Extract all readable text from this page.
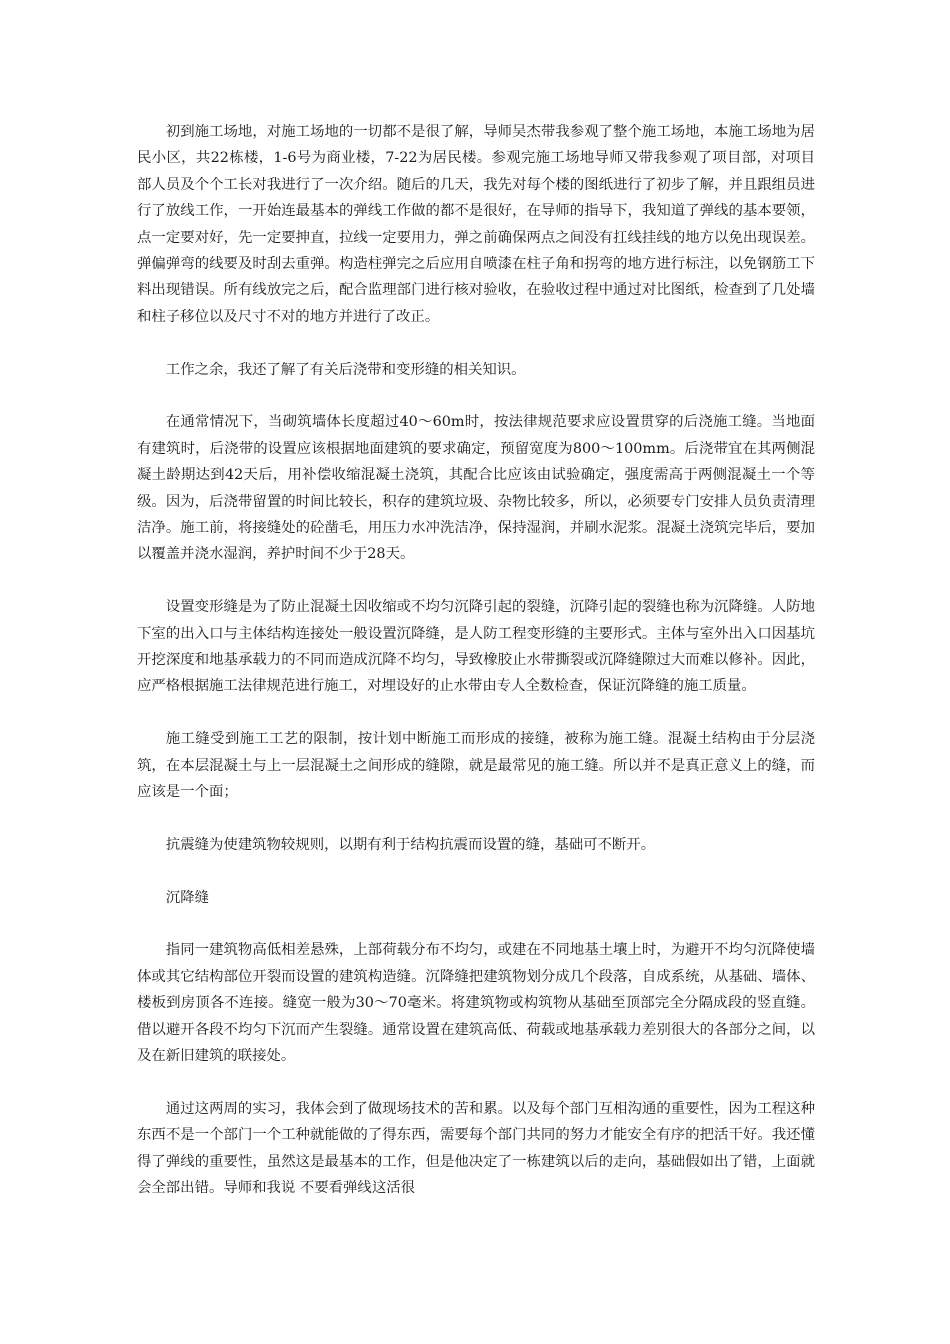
初到施工场地，对施工场地的一切都不是很了解，导师吴杰带我参观了整个施工场地，本施工场地为居民小区，共22栋楼，1-6号为商业楼，7-22为居民楼。参观完施工场地导师又带我参观了项目部，对项目部人员及个个工长对我进行了一次介绍。随后的几天，我先对每个楼的图纸进行了初步了解，并且跟组员进行了放线工作，一开始连最基本的弹线工作做的都不是很好，在导师的指导下，我知道了弹线的基本要领，点一定要对好，先一定要抻直，拉线一定要用力，弹之前确保两点之间没有扛线挂线的地方以免出现误差。弹偏弹弯的线要及时刮去重弹。构造柱弹完之后应用自喷漆在柱子角和拐弯的地方进行标注，以免钢筋工下料出现错误。所有线放完之后，配合监理部门进行核对验收，在验收过程中通过对比图纸，检查到了几处墙和柱子移位以及尺寸不对的地方并进行了改正。

工作之余，我还了解了有关后浇带和变形缝的相关知识。

在通常情况下，当砌筑墙体长度超过40～60m时，按法律规范要求应设置贯穿的后浇施工缝。当地面有建筑时，后浇带的设置应该根据地面建筑的要求确定，预留宽度为800～100mm。后浇带宜在其两侧混凝土龄期达到42天后，用补偿收缩混凝土浇筑，其配合比应该由试验确定，强度需高于两侧混凝土一个等级。因为，后浇带留置的时间比较长，积存的建筑垃圾、杂物比较多，所以，必须要专门安排人员负责清理洁净。施工前，将接缝处的砼凿毛，用压力水冲洗洁净，保持湿润，并刷水泥浆。混凝土浇筑完毕后，要加以覆盖并浇水湿润，养护时间不少于28天。

设置变形缝是为了防止混凝土因收缩或不均匀沉降引起的裂缝，沉降引起的裂缝也称为沉降缝。人防地下室的出入口与主体结构连接处一般设置沉降缝，是人防工程变形缝的主要形式。主体与室外出入口因基坑开挖深度和地基承载力的不同而造成沉降不均匀，导致橡胶止水带撕裂或沉降缝隙过大而难以修补。因此，应严格根据施工法律规范进行施工，对埋设好的止水带由专人全数检查，保证沉降缝的施工质量。

施工缝受到施工工艺的限制，按计划中断施工而形成的接缝，被称为施工缝。混凝土结构由于分层浇筑，在本层混凝土与上一层混凝土之间形成的缝隙，就是最常见的施工缝。所以并不是真正意义上的缝，而应该是一个面；

抗震缝为使建筑物较规则，以期有利于结构抗震而设置的缝，基础可不断开。

沉降缝

指同一建筑物高低相差悬殊，上部荷载分布不均匀，或建在不同地基土壤上时，为避开不均匀沉降使墙体或其它结构部位开裂而设置的建筑构造缝。沉降缝把建筑物划分成几个段落，自成系统，从基础、墙体、楼板到房顶各不连接。缝宽一般为30～70毫米。将建筑物或构筑物从基础至顶部完全分隔成段的竖直缝。借以避开各段不均匀下沉而产生裂缝。通常设置在建筑高低、荷载或地基承载力差别很大的各部分之间，以及在新旧建筑的联接处。

通过这两周的实习，我体会到了做现场技术的苦和累。以及每个部门互相沟通的重要性，因为工程这种东西不是一个部门一个工种就能做的了得东西，需要每个部门共同的努力才能安全有序的把活干好。我还懂得了弹线的重要性，虽然这是最基本的工作，但是他决定了一栋建筑以后的走向，基础假如出了错，上面就会全部出错。导师和我说 不要看弹线这活很
